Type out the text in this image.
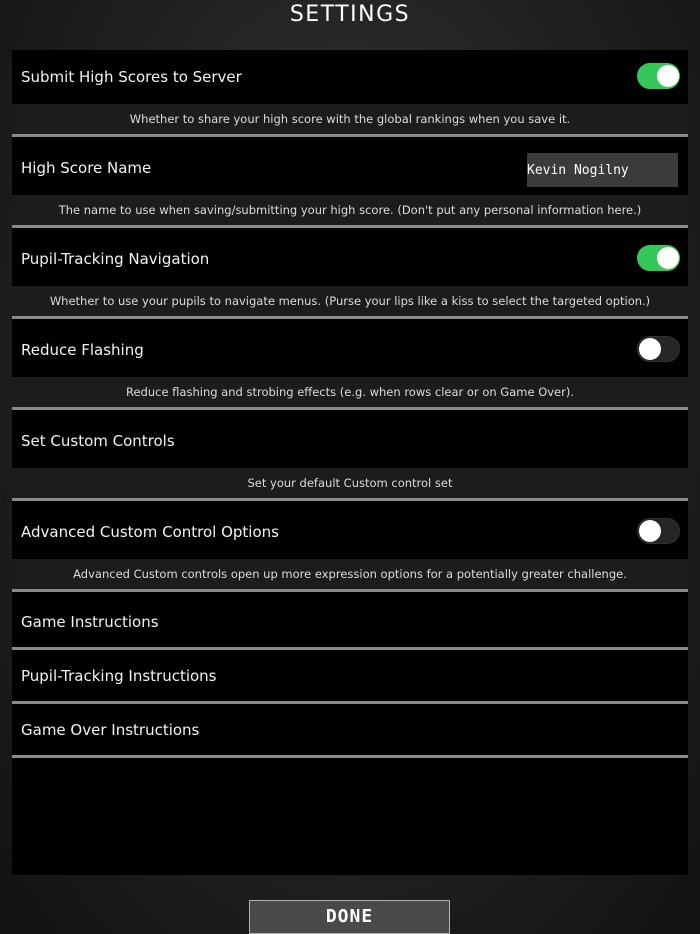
SETTINGS
Submit High Scores to Server
Whether to share your high score with the global rankings when you save it.
High Score Name
Kevin Nogilny
The name to use when saving/submitting your high score. (Don't put any personal information here.)
Pupil-Tracking Navigation
Whether to use your pupils to navigate menus. (Purse your lips like a kiss to select the targeted option.)
Reduce Flashing
Reduce flashing and strobing effects (e.g. when rows clear or on Game Over).
Set Custom Controls
Set your default Custom control set
Advanced Custom Control Options
Advanced Custom controls open up more expression options for a potentially greater challenge.
Game Instructions
Pupil-Tracking Instructions
Game Over Instructions
DONE
